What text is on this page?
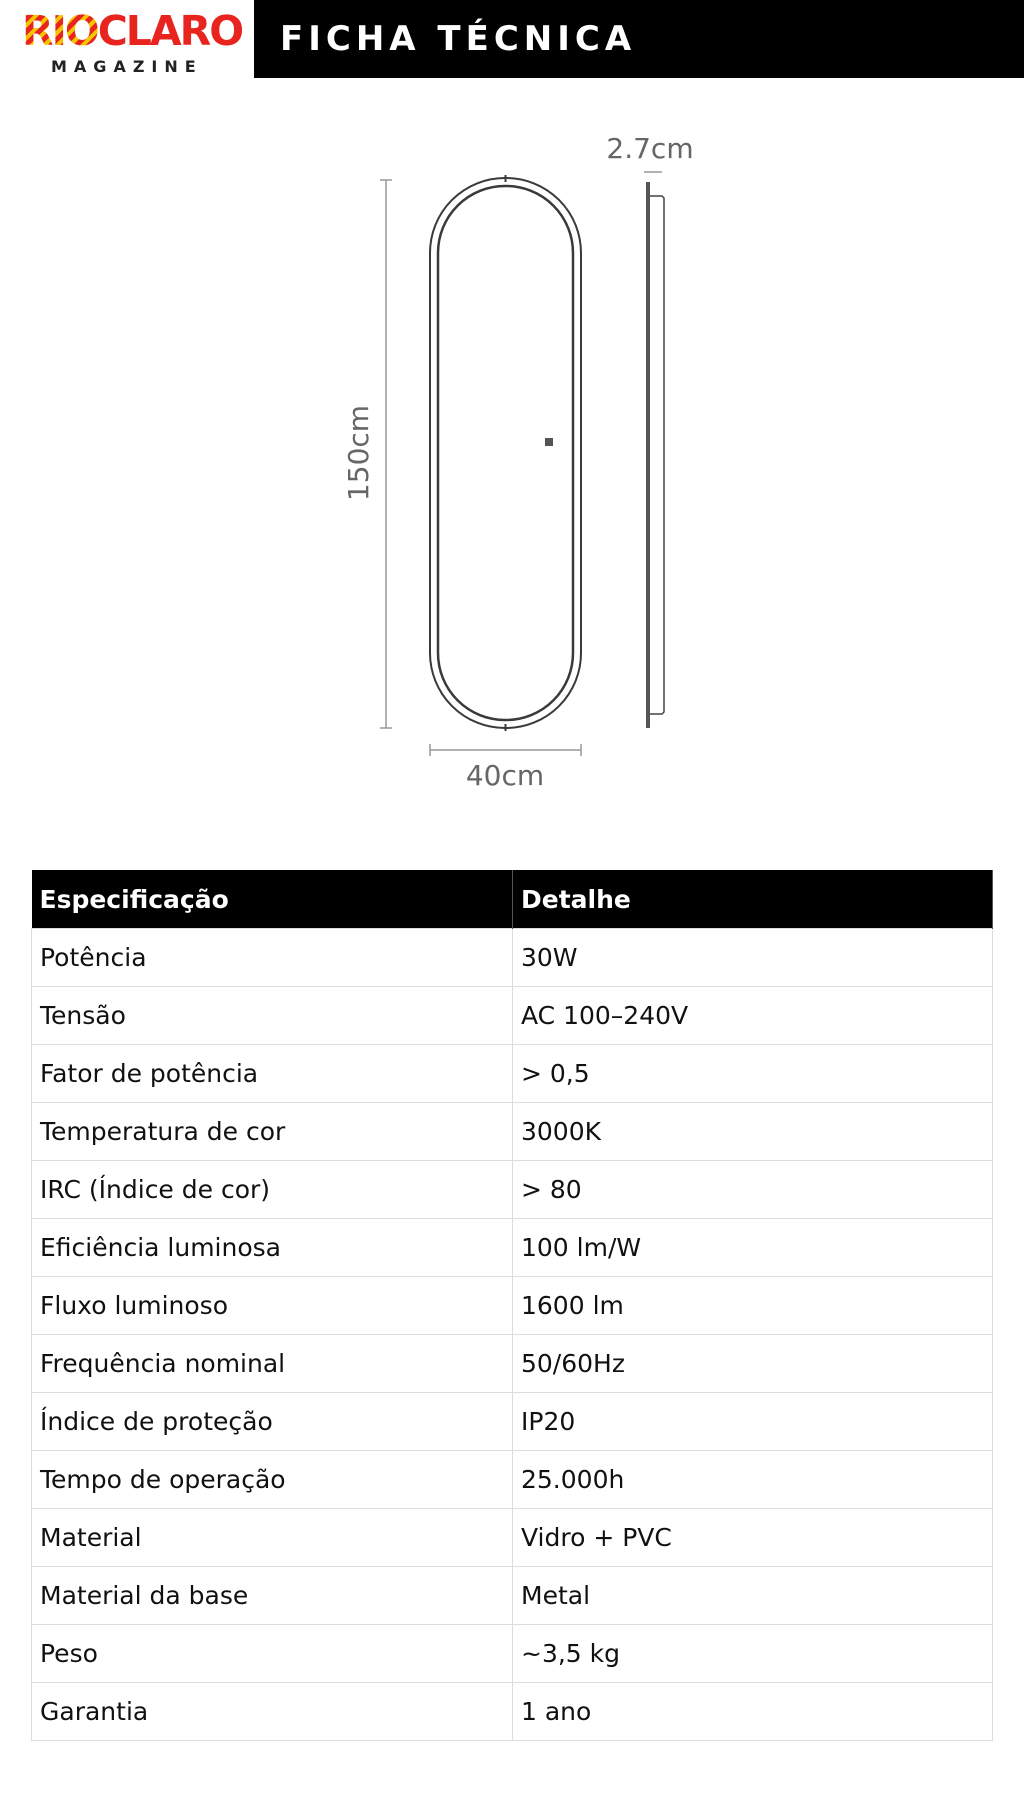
RIOCLARO
MAGAZINE
FICHA TÉCNICA
150cm
40cm
2.7cm
Especificação	Detalhe
Potência	30W
Tensão	AC 100–240V
Fator de potência	> 0,5
Temperatura de cor	3000K
IRC (Índice de cor)	> 80
Eficiência luminosa	100 lm/W
Fluxo luminoso	1600 lm
Frequência nominal	50/60Hz
Índice de proteção	IP20
Tempo de operação	25.000h
Material	Vidro + PVC
Material da base	Metal
Peso	~3,5 kg
Garantia	1 ano
